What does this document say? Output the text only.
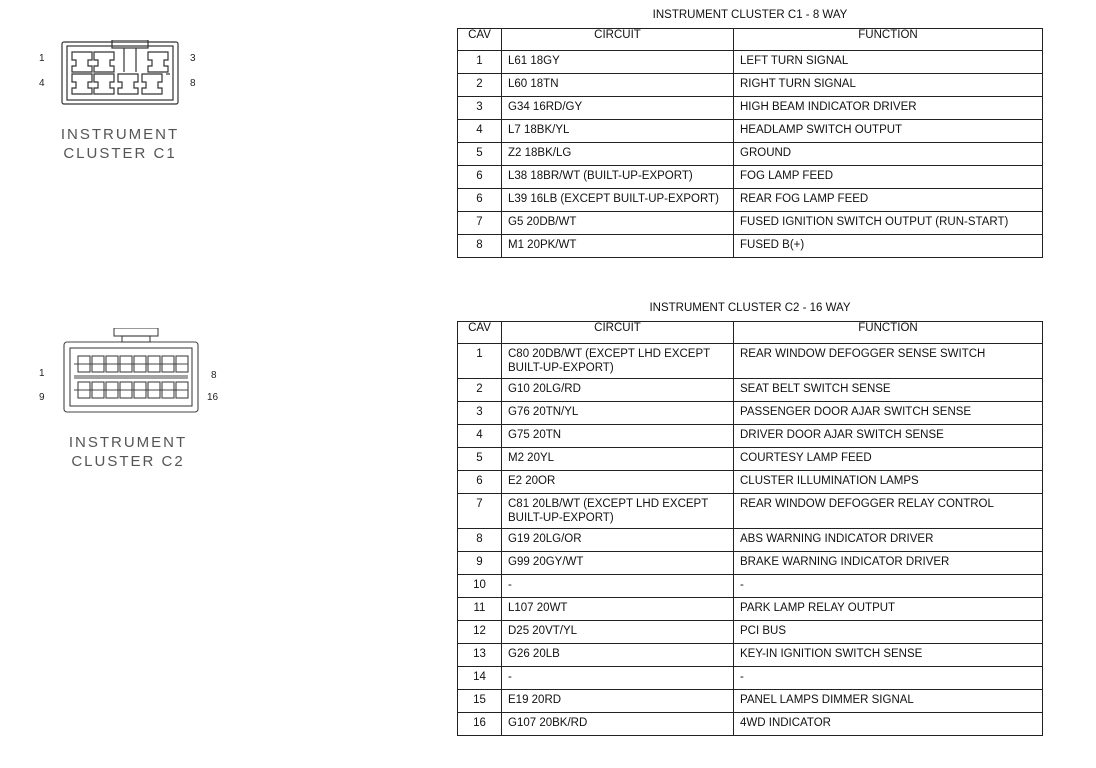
1	3
4	8
INSTRUMENT
CLUSTER C1
INSTRUMENT CLUSTER C1 - 8 WAY
CAV	CIRCUIT	FUNCTION
1	L61 18GY	LEFT TURN SIGNAL
2	L60 18TN	RIGHT TURN SIGNAL
3	G34 16RD/GY	HIGH BEAM INDICATOR DRIVER
4	L7 18BK/YL	HEADLAMP SWITCH OUTPUT
5	Z2 18BK/LG	GROUND
6	L38 18BR/WT (BUILT-UP-EXPORT)	FOG LAMP FEED
6	L39 16LB (EXCEPT BUILT-UP-EXPORT)	REAR FOG LAMP FEED
7	G5 20DB/WT	FUSED IGNITION SWITCH OUTPUT (RUN-START)
8	M1 20PK/WT	FUSED B(+)
1	8
9	16
INSTRUMENT
CLUSTER C2
INSTRUMENT CLUSTER C2 - 16 WAY
CAV	CIRCUIT	FUNCTION
1	C80 20DB/WT (EXCEPT LHD EXCEPT
BUILT-UP-EXPORT)	REAR WINDOW DEFOGGER SENSE SWITCH
2	G10 20LG/RD	SEAT BELT SWITCH SENSE
3	G76 20TN/YL	PASSENGER DOOR AJAR SWITCH SENSE
4	G75 20TN	DRIVER DOOR AJAR SWITCH SENSE
5	M2 20YL	COURTESY LAMP FEED
6	E2 20OR	CLUSTER ILLUMINATION LAMPS
7	C81 20LB/WT (EXCEPT LHD EXCEPT
BUILT-UP-EXPORT)	REAR WINDOW DEFOGGER RELAY CONTROL
8	G19 20LG/OR	ABS WARNING INDICATOR DRIVER
9	G99 20GY/WT	BRAKE WARNING INDICATOR DRIVER
10	-	-
11	L107 20WT	PARK LAMP RELAY OUTPUT
12	D25 20VT/YL	PCI BUS
13	G26 20LB	KEY-IN IGNITION SWITCH SENSE
14	-	-
15	E19 20RD	PANEL LAMPS DIMMER SIGNAL
16	G107 20BK/RD	4WD INDICATOR
